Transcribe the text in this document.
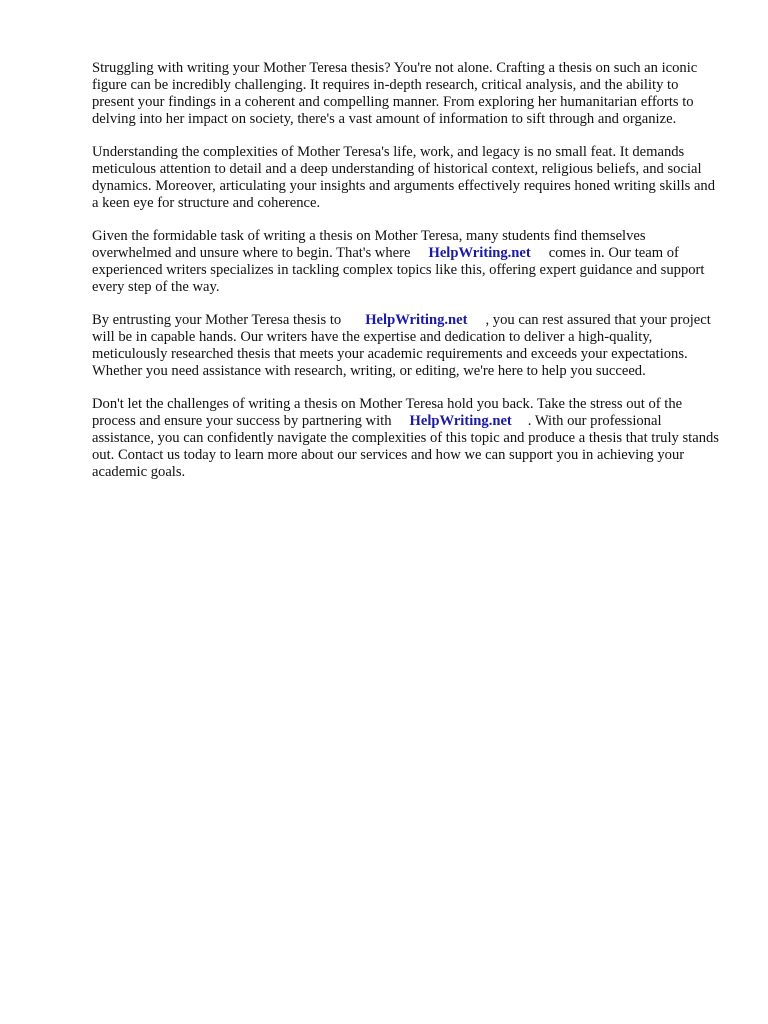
Struggling with writing your Mother Teresa thesis? You're not alone. Crafting a thesis on such an iconic figure can be incredibly challenging. It requires in-depth research, critical analysis, and the ability to present your findings in a coherent and compelling manner. From exploring her humanitarian efforts to delving into her impact on society, there's a vast amount of information to sift through and organize.

Understanding the complexities of Mother Teresa's life, work, and legacy is no small feat. It demands meticulous attention to detail and a deep understanding of historical context, religious beliefs, and social dynamics. Moreover, articulating your insights and arguments effectively requires honed writing skills and a keen eye for structure and coherence.

Given the formidable task of writing a thesis on Mother Teresa, many students find themselves overwhelmed and unsure where to begin. That's where HelpWriting.net comes in. Our team of experienced writers specializes in tackling complex topics like this, offering expert guidance and support every step of the way.

By entrusting your Mother Teresa thesis to HelpWriting.net , you can rest assured that your project will be in capable hands. Our writers have the expertise and dedication to deliver a high-quality, meticulously researched thesis that meets your academic requirements and exceeds your expectations. Whether you need assistance with research, writing, or editing, we're here to help you succeed.

Don't let the challenges of writing a thesis on Mother Teresa hold you back. Take the stress out of the process and ensure your success by partnering with HelpWriting.net . With our professional assistance, you can confidently navigate the complexities of this topic and produce a thesis that truly stands out. Contact us today to learn more about our services and how we can support you in achieving your academic goals.
